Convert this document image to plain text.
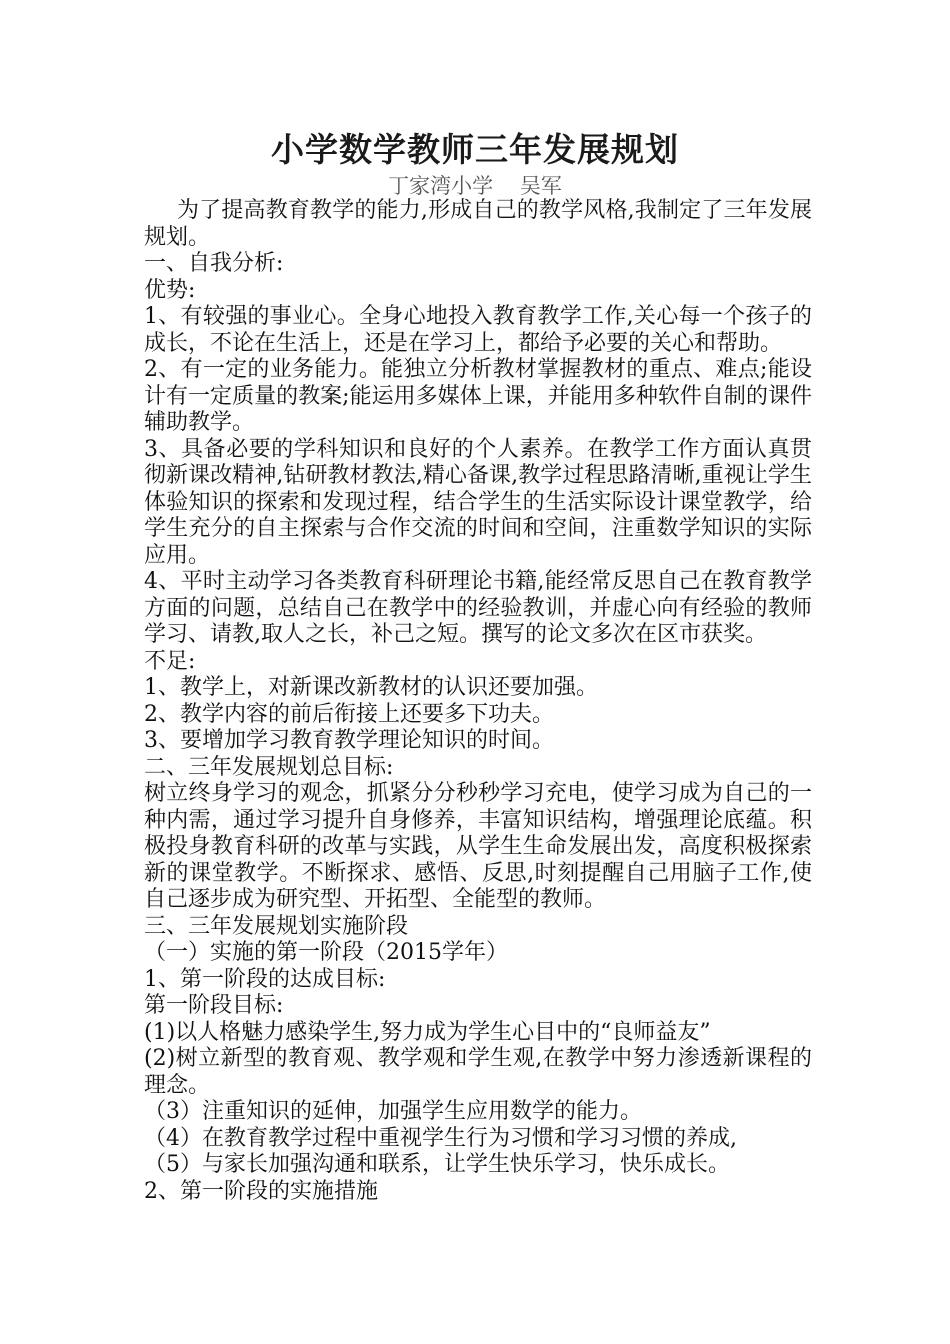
小学数学教师三年发展规划
丁家湾小学    吴军

为了提高教育教学的能力,形成自己的教学风格,我制定了三年发展规划。

一、自我分析:

优势:

1、有较强的事业心。全身心地投入教育教学工作,关心每一个孩子的成长，不论在生活上，还是在学习上，都给予必要的关心和帮助。

2、有一定的业务能力。能独立分析教材掌握教材的重点、难点;能设计有一定质量的教案;能运用多媒体上课，并能用多种软件自制的课件辅助教学。

3、具备必要的学科知识和良好的个人素养。在教学工作方面认真贯彻新课改精神,钻研教材教法,精心备课,教学过程思路清晰,重视让学生体验知识的探索和发现过程，结合学生的生活实际设计课堂教学，给学生充分的自主探索与合作交流的时间和空间，注重数学知识的实际应用。

4、平时主动学习各类教育科研理论书籍,能经常反思自己在教育教学方面的问题，总结自己在教学中的经验教训，并虚心向有经验的教师学习、请教,取人之长，补己之短。撰写的论文多次在区市获奖。

不足:

1、教学上，对新课改新教材的认识还要加强。

2、教学内容的前后衔接上还要多下功夫。

3、要增加学习教育教学理论知识的时间。

二、三年发展规划总目标:

树立终身学习的观念，抓紧分分秒秒学习充电，使学习成为自己的一种内需，通过学习提升自身修养，丰富知识结构，增强理论底蕴。积极投身教育科研的改革与实践，从学生生命发展出发，高度积极探索新的课堂教学。不断探求、感悟、反思,时刻提醒自己用脑子工作,使自己逐步成为研究型、开拓型、全能型的教师。

三、三年发展规划实施阶段

（一）实施的第一阶段（2015学年）

1、第一阶段的达成目标:

第一阶段目标:

(1)以人格魅力感染学生,努力成为学生心目中的“良师益友”

(2)树立新型的教育观、教学观和学生观,在教学中努力渗透新课程的理念。

（3）注重知识的延伸，加强学生应用数学的能力。

（4）在教育教学过程中重视学生行为习惯和学习习惯的养成,

（5）与家长加强沟通和联系，让学生快乐学习，快乐成长。

2、第一阶段的实施措施
